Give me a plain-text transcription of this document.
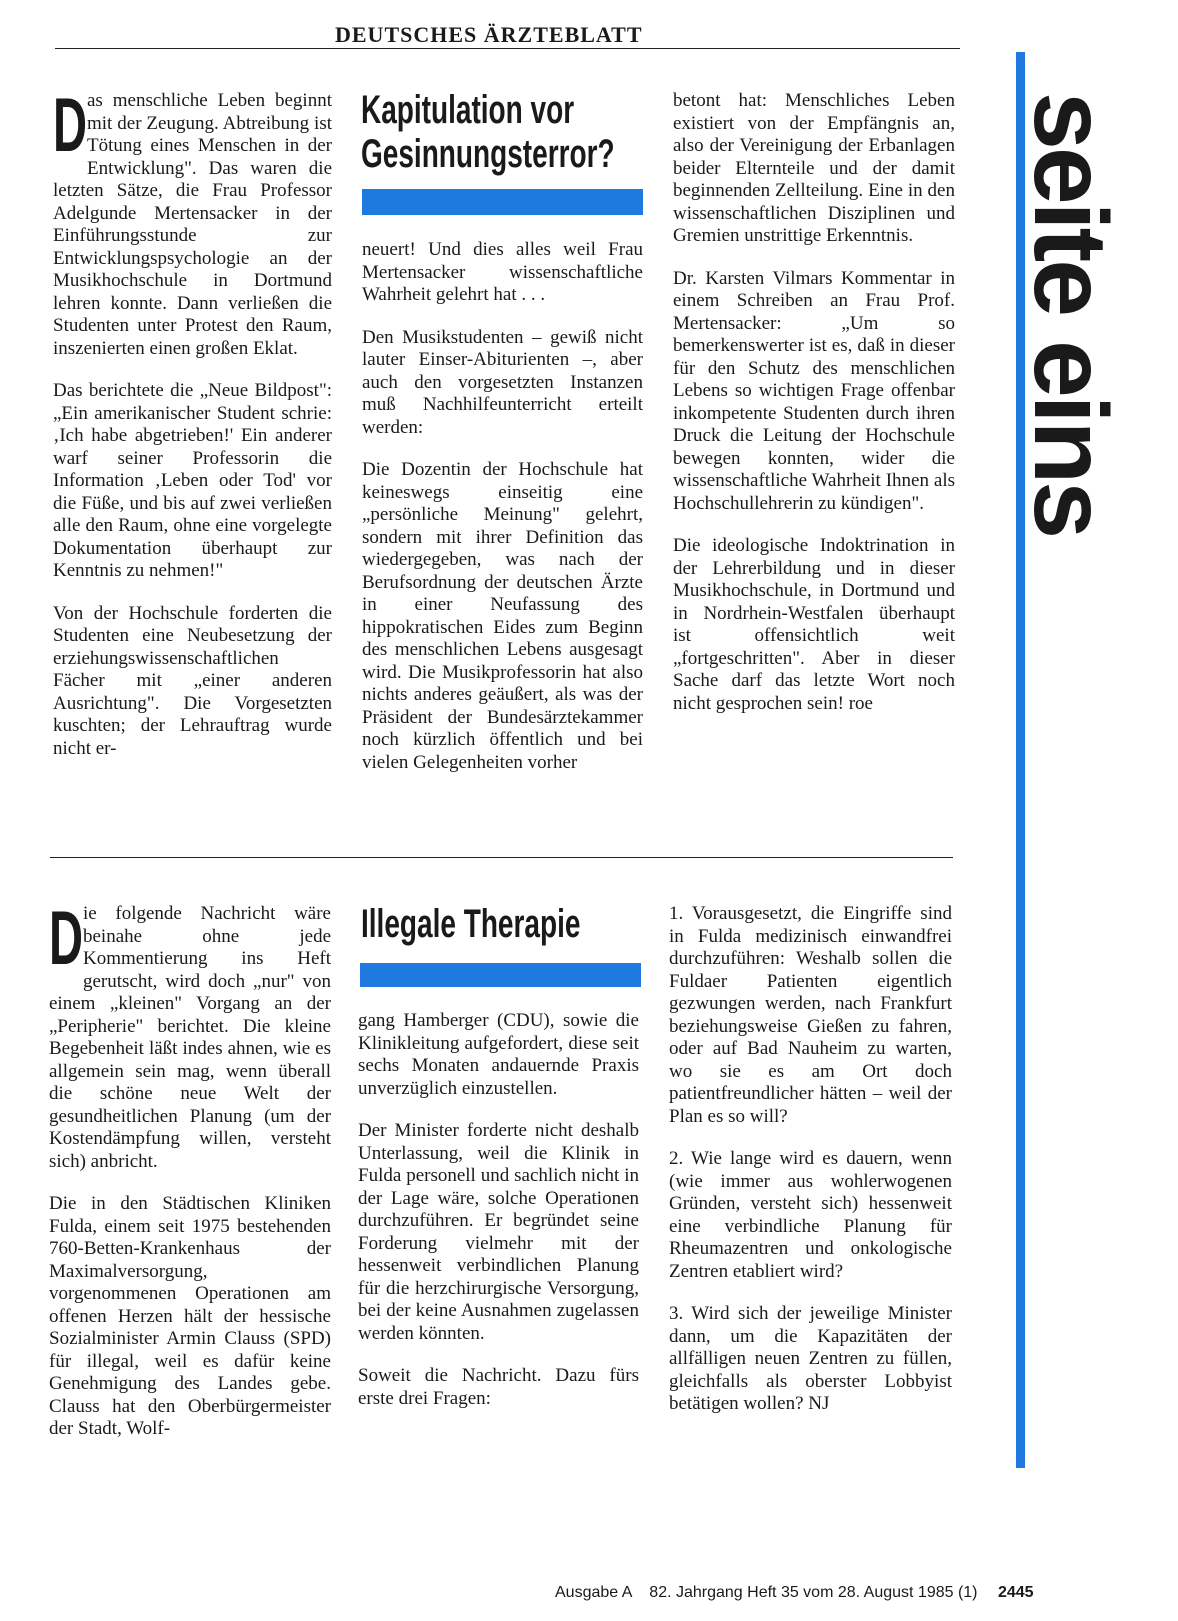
DEUTSCHES ÄRZTEBLATT
seite eins
D as menschliche Leben beginnt mit der Zeugung. Abtreibung ist Tötung eines Menschen in der Entwicklung". Das waren die letzten Sätze, die Frau Professor Adelgunde Mertensacker in der Einführungsstunde zur Entwicklungspsychologie an der Musikhochschule in Dortmund lehren konnte. Dann verließen die Studenten unter Protest den Raum, inszenierten einen großen Eklat.

Das berichtete die „Neue Bildpost": „Ein amerikanischer Student schrie: ‚Ich habe abgetrieben!' Ein anderer warf seiner Professorin die Information ‚Leben oder Tod' vor die Füße, und bis auf zwei verließen alle den Raum, ohne eine vorgelegte Dokumentation überhaupt zur Kenntnis zu nehmen!"

Von der Hochschule forderten die Studenten eine Neubesetzung der erziehungswissenschaftlichen Fächer mit „einer anderen Ausrichtung". Die Vorgesetzten kuschten; der Lehrauftrag wurde nicht er-

Kapitulation vor
Gesinnungsterror?

neuert! Und dies alles weil Frau Mertensacker wissenschaftliche Wahrheit gelehrt hat . . .

Den Musikstudenten – gewiß nicht lauter Einser-Abiturienten –, aber auch den vorgesetzten Instanzen muß Nachhilfeunterricht erteilt werden:

Die Dozentin der Hochschule hat keineswegs einseitig eine „persönliche Meinung" gelehrt, sondern mit ihrer Definition das wiedergegeben, was nach der Berufsordnung der deutschen Ärzte in einer Neufassung des hippokratischen Eides zum Beginn des menschlichen Lebens ausgesagt wird. Die Musikprofessorin hat also nichts anderes geäußert, als was der Präsident der Bundesärztekammer noch kürzlich öffentlich und bei vielen Gelegenheiten vorher

betont hat: Menschliches Leben existiert von der Empfängnis an, also der Vereinigung der Erbanlagen beider Elternteile und der damit beginnenden Zellteilung. Eine in den wissenschaftlichen Disziplinen und Gremien unstrittige Erkenntnis.

Dr. Karsten Vilmars Kommentar in einem Schreiben an Frau Prof. Mertensacker: „Um so bemerkenswerter ist es, daß in dieser für den Schutz des menschlichen Lebens so wichtigen Frage offenbar inkompetente Studenten durch ihren Druck die Leitung der Hochschule bewegen konnten, wider die wissenschaftliche Wahrheit Ihnen als Hochschullehrerin zu kündigen".

Die ideologische Indoktrination in der Lehrerbildung und in dieser Musikhochschule, in Dortmund und in Nordrhein-Westfalen überhaupt ist offensichtlich weit „fortgeschritten". Aber in dieser Sache darf das letzte Wort noch nicht gesprochen sein! roe

D ie folgende Nachricht wäre beinahe ohne jede Kommentierung ins Heft gerutscht, wird doch „nur" von einem „kleinen" Vorgang an der „Peripherie" berichtet. Die kleine Begebenheit läßt indes ahnen, wie es allgemein sein mag, wenn überall die schöne neue Welt der gesundheitlichen Planung (um der Kostendämpfung willen, versteht sich) anbricht.

Die in den Städtischen Kliniken Fulda, einem seit 1975 bestehenden 760-Betten-Krankenhaus der Maximalversorgung, vorgenommenen Operationen am offenen Herzen hält der hessische Sozialminister Armin Clauss (SPD) für illegal, weil es dafür keine Genehmigung des Landes gebe. Clauss hat den Oberbürgermeister der Stadt, Wolf-

Illegale Therapie

gang Hamberger (CDU), sowie die Klinikleitung aufgefordert, diese seit sechs Monaten andauernde Praxis unverzüglich einzustellen.

Der Minister forderte nicht deshalb Unterlassung, weil die Klinik in Fulda personell und sachlich nicht in der Lage wäre, solche Operationen durchzuführen. Er begründet seine Forderung vielmehr mit der hessenweit verbindlichen Planung für die herzchirurgische Versorgung, bei der keine Ausnahmen zugelassen werden könnten.

Soweit die Nachricht. Dazu fürs erste drei Fragen:

1. Vorausgesetzt, die Eingriffe sind in Fulda medizinisch einwandfrei durchzuführen: Weshalb sollen die Fuldaer Patienten eigentlich gezwungen werden, nach Frankfurt beziehungsweise Gießen zu fahren, oder auf Bad Nauheim zu warten, wo sie es am Ort doch patientfreundlicher hätten – weil der Plan es so will?

2. Wie lange wird es dauern, wenn (wie immer aus wohlerwogenen Gründen, versteht sich) hessenweit eine verbindliche Planung für Rheumazentren und onkologische Zentren etabliert wird?

3. Wird sich der jeweilige Minister dann, um die Kapazitäten der allfälligen neuen Zentren zu füllen, gleichfalls als oberster Lobbyist betätigen wollen? NJ

Ausgabe A 82. Jahrgang Heft 35 vom 28. August 1985 (1) 2445
